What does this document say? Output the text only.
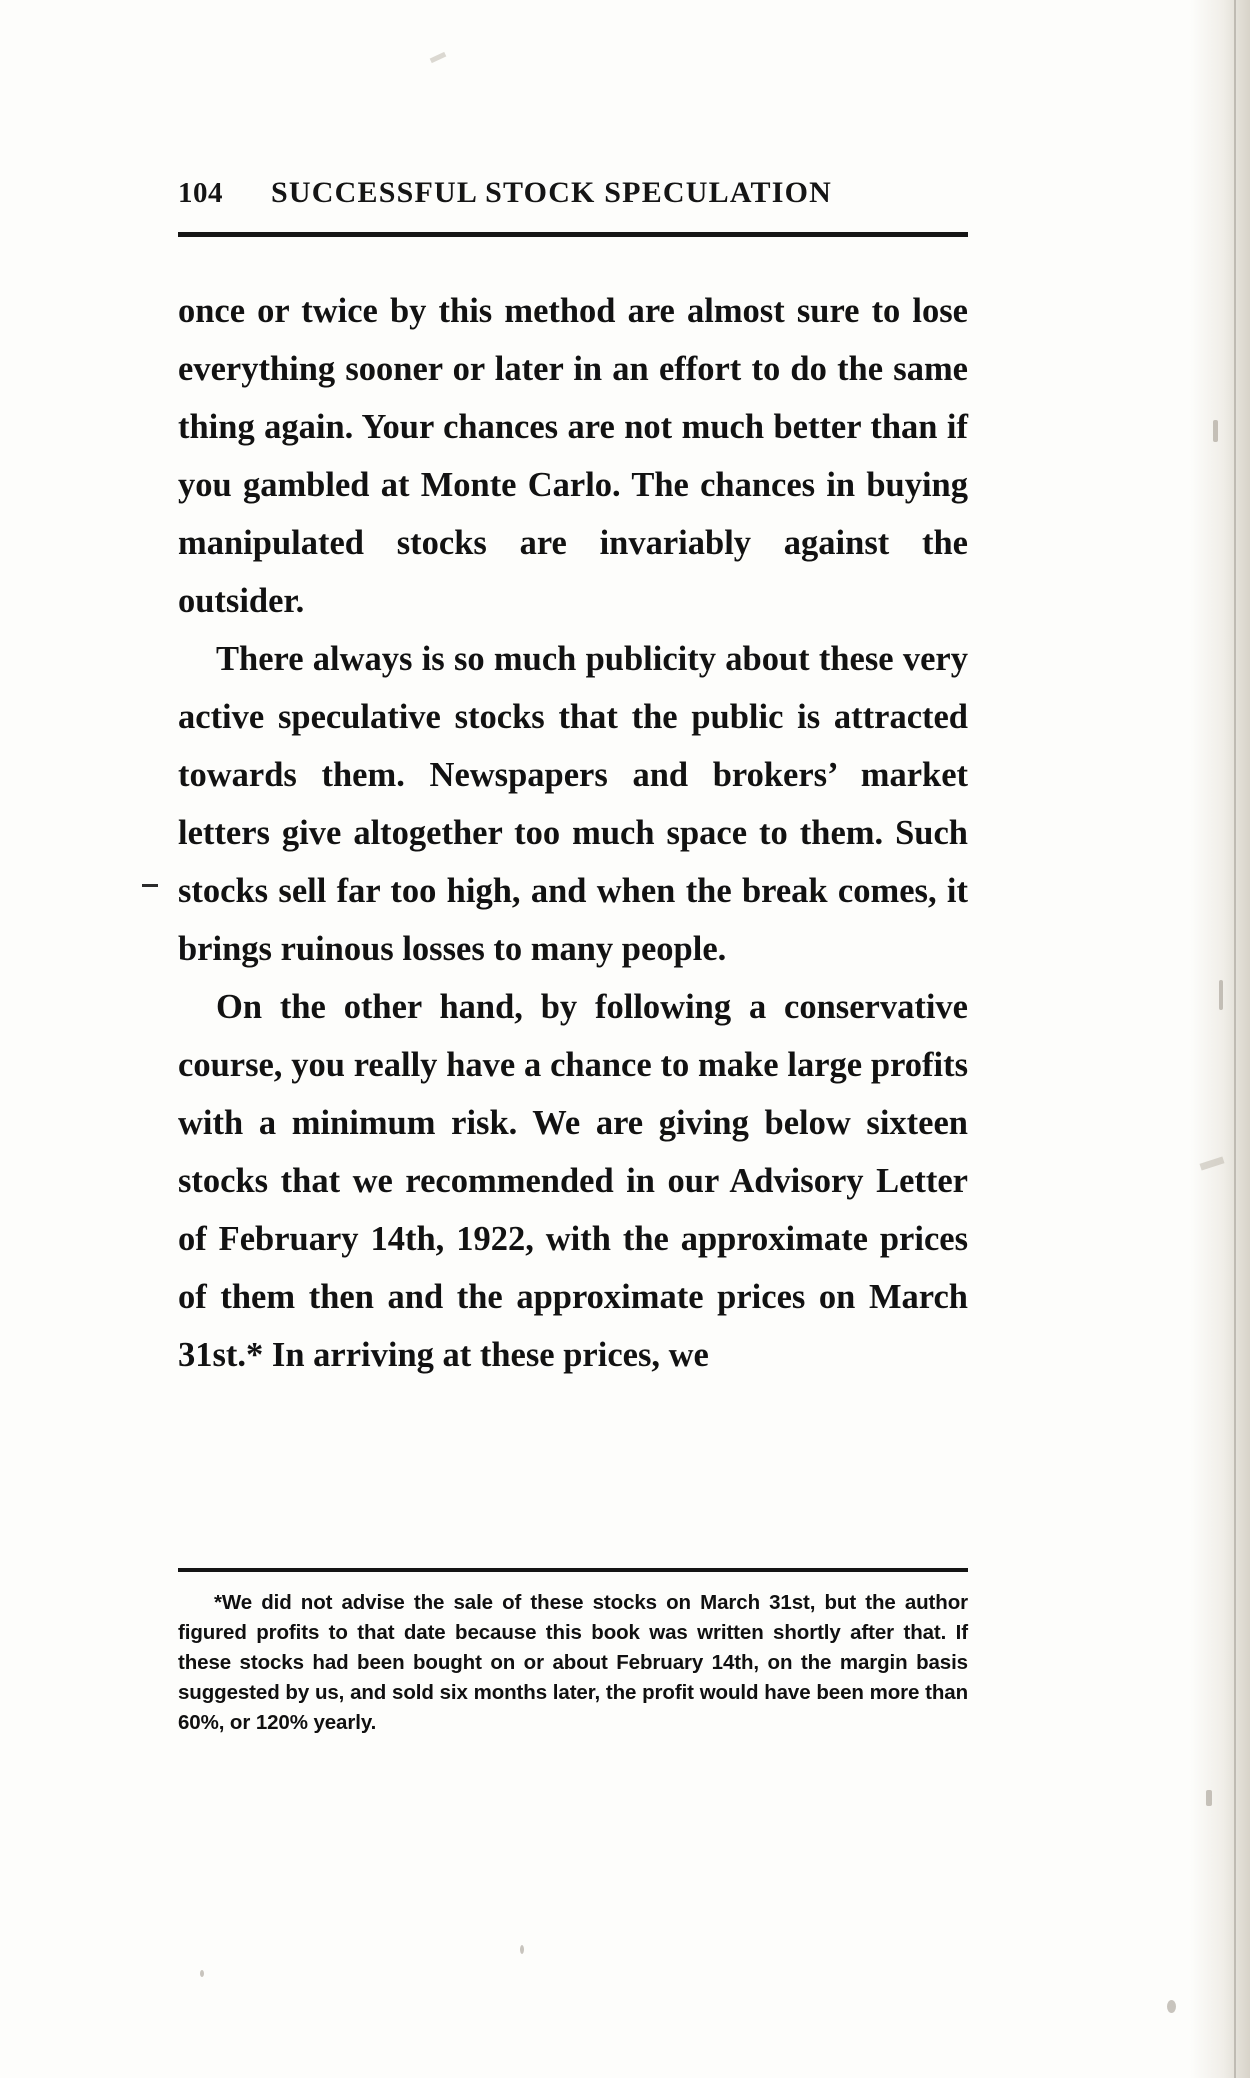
104 SUCCESSFUL STOCK SPECULATION

once or twice by this method are almost sure to lose everything sooner or later in an effort to do the same thing again. Your chances are not much better than if you gambled at Monte Carlo. The chances in buying manipulated stocks are invariably against the outsider.

There always is so much publicity about these very active speculative stocks that the public is attracted towards them. Newspapers and brokers’ market letters give altogether too much space to them. Such stocks sell far too high, and when the break comes, it brings ruinous losses to many people.

On the other hand, by following a conservative course, you really have a chance to make large profits with a minimum risk. We are giving below sixteen stocks that we recommended in our Advisory Letter of February 14th, 1922, with the approximate prices of them then and the approximate prices on March 31st.* In arriving at these prices, we

*We did not advise the sale of these stocks on March 31st, but the author figured profits to that date because this book was written shortly after that. If these stocks had been bought on or about February 14th, on the margin basis suggested by us, and sold six months later, the profit would have been more than 60%, or 120% yearly.
